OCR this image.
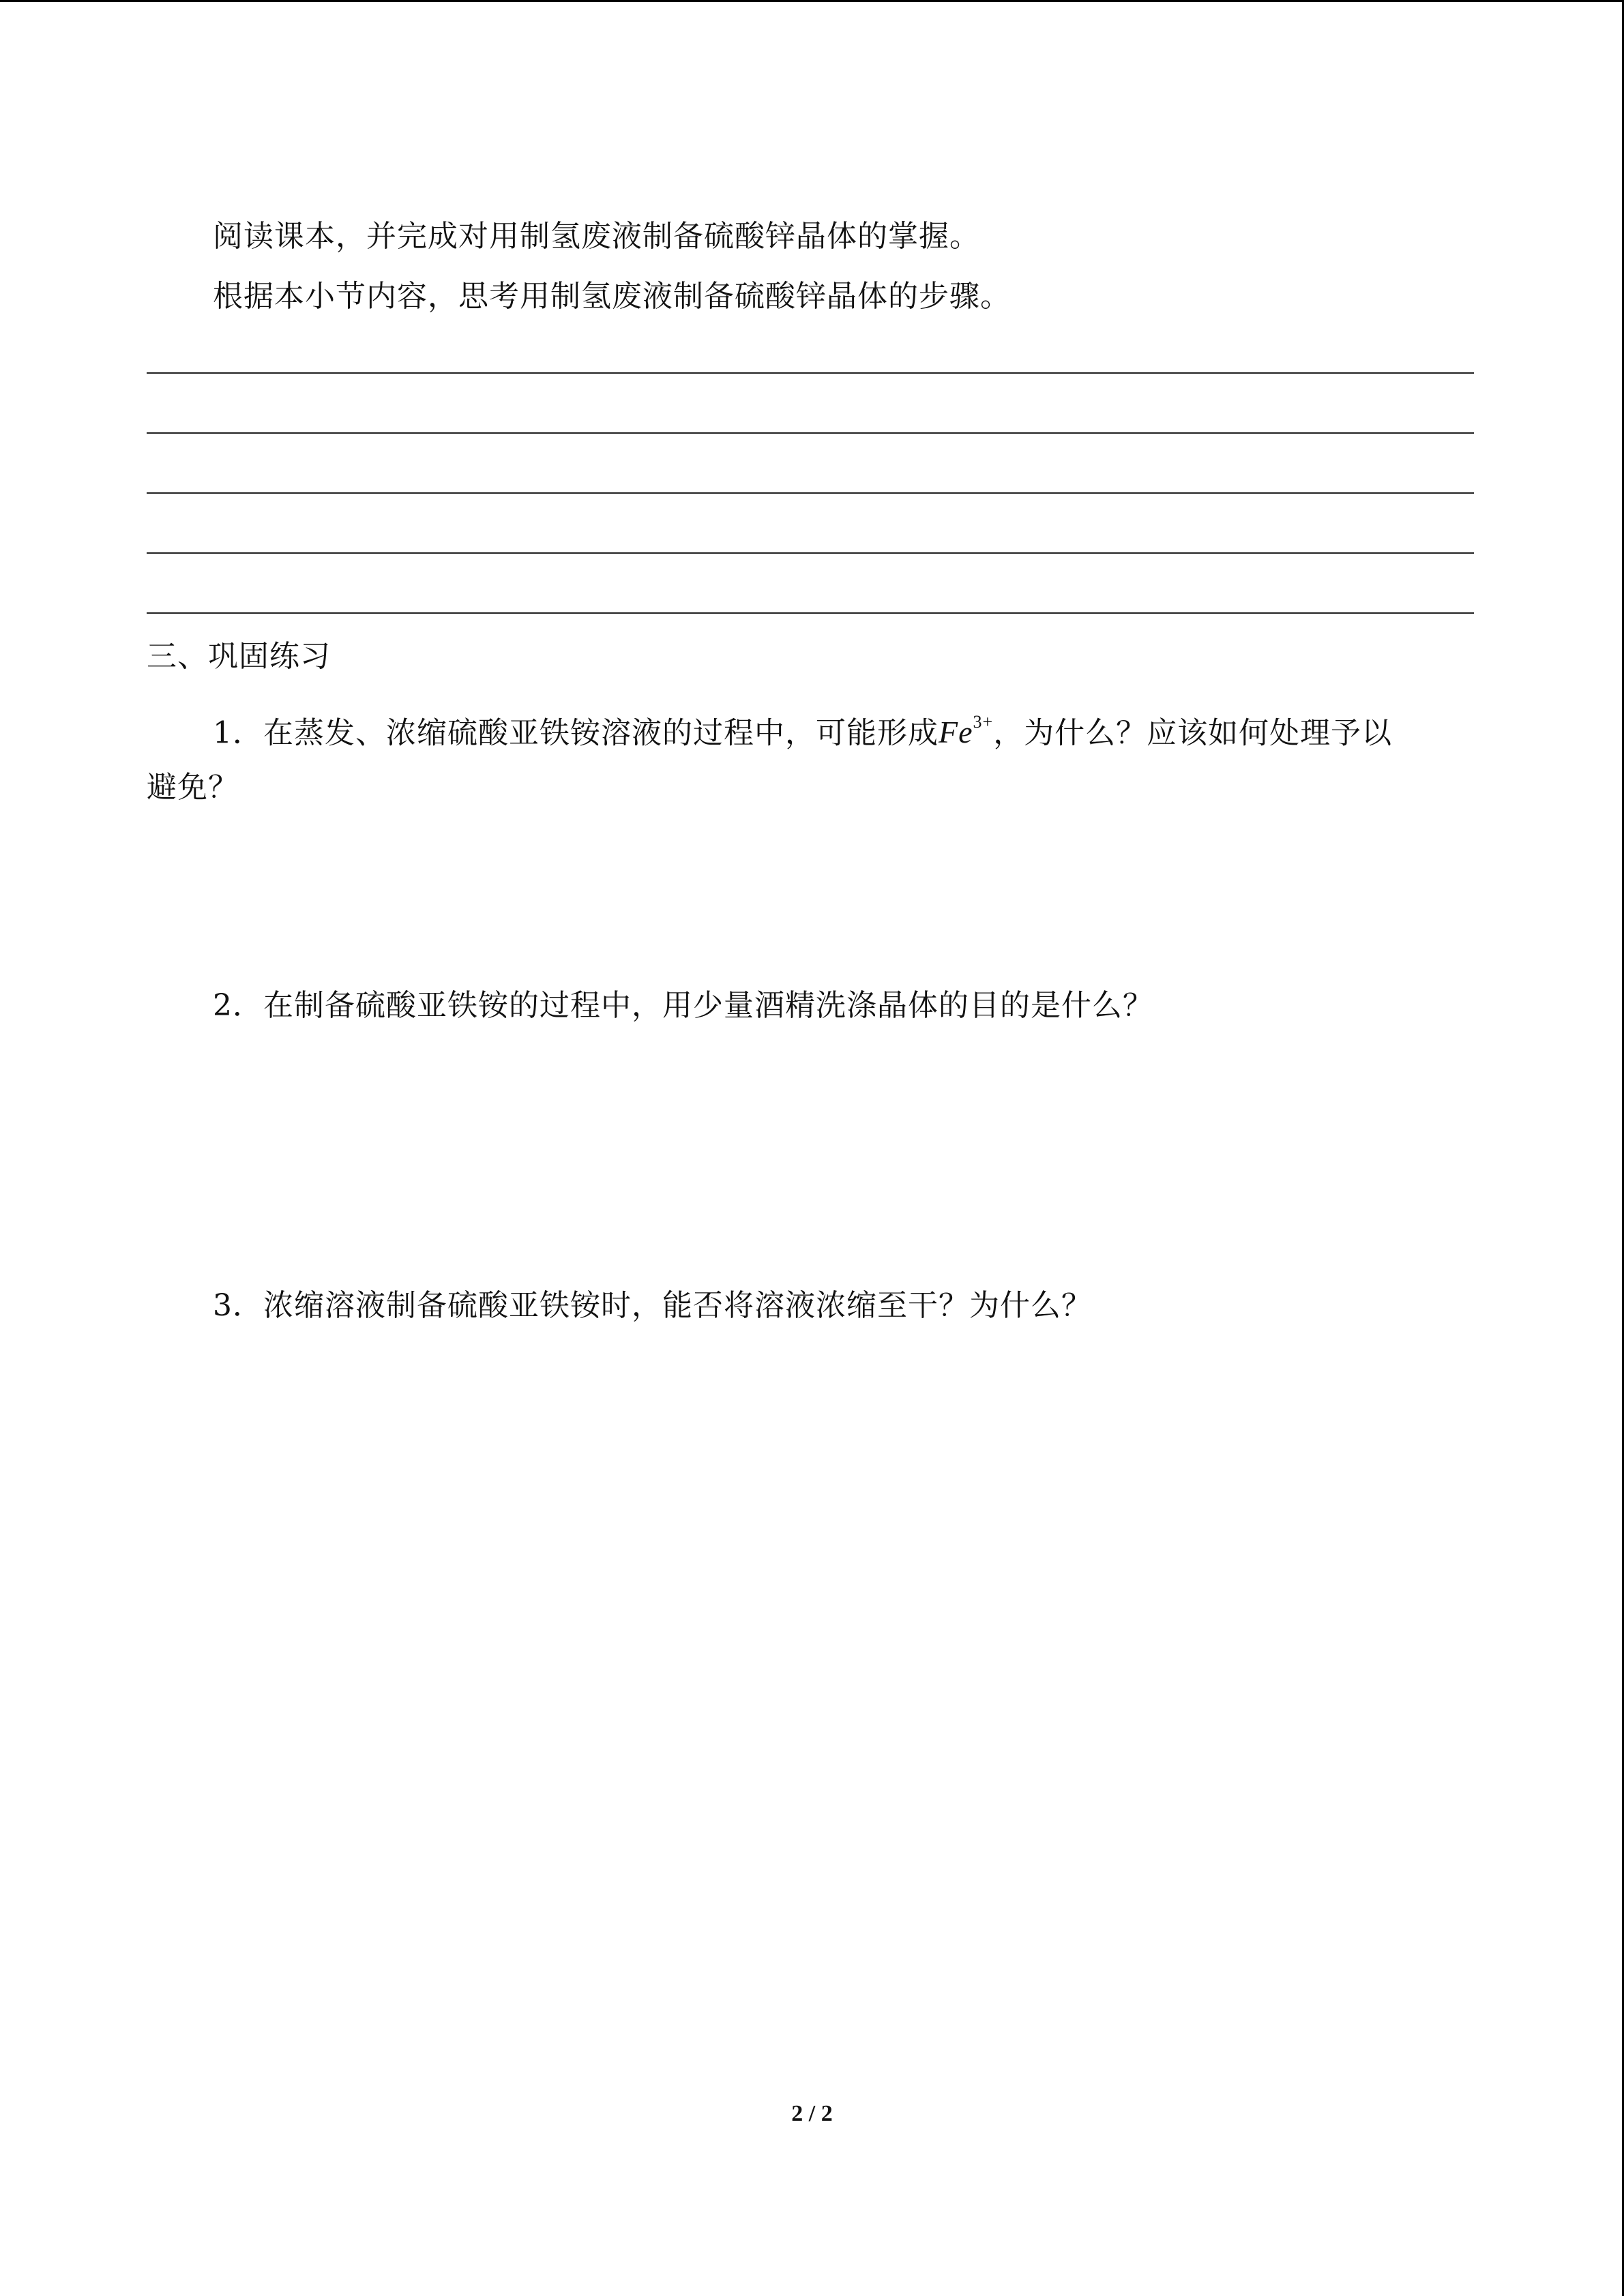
阅读课本，并完成对用制氢废液制备硫酸锌晶体的掌握。
根据本小节内容，思考用制氢废液制备硫酸锌晶体的步骤。
三、巩固练习
1．在蒸发、浓缩硫酸亚铁铵溶液的过程中，可能形成$Fe^{3+}$，为什么？应该如何处理予以
避免？
2．在制备硫酸亚铁铵的过程中，用少量酒精洗涤晶体的目的是什么？
3．浓缩溶液制备硫酸亚铁铵时，能否将溶液浓缩至干？为什么？
2 / 2
